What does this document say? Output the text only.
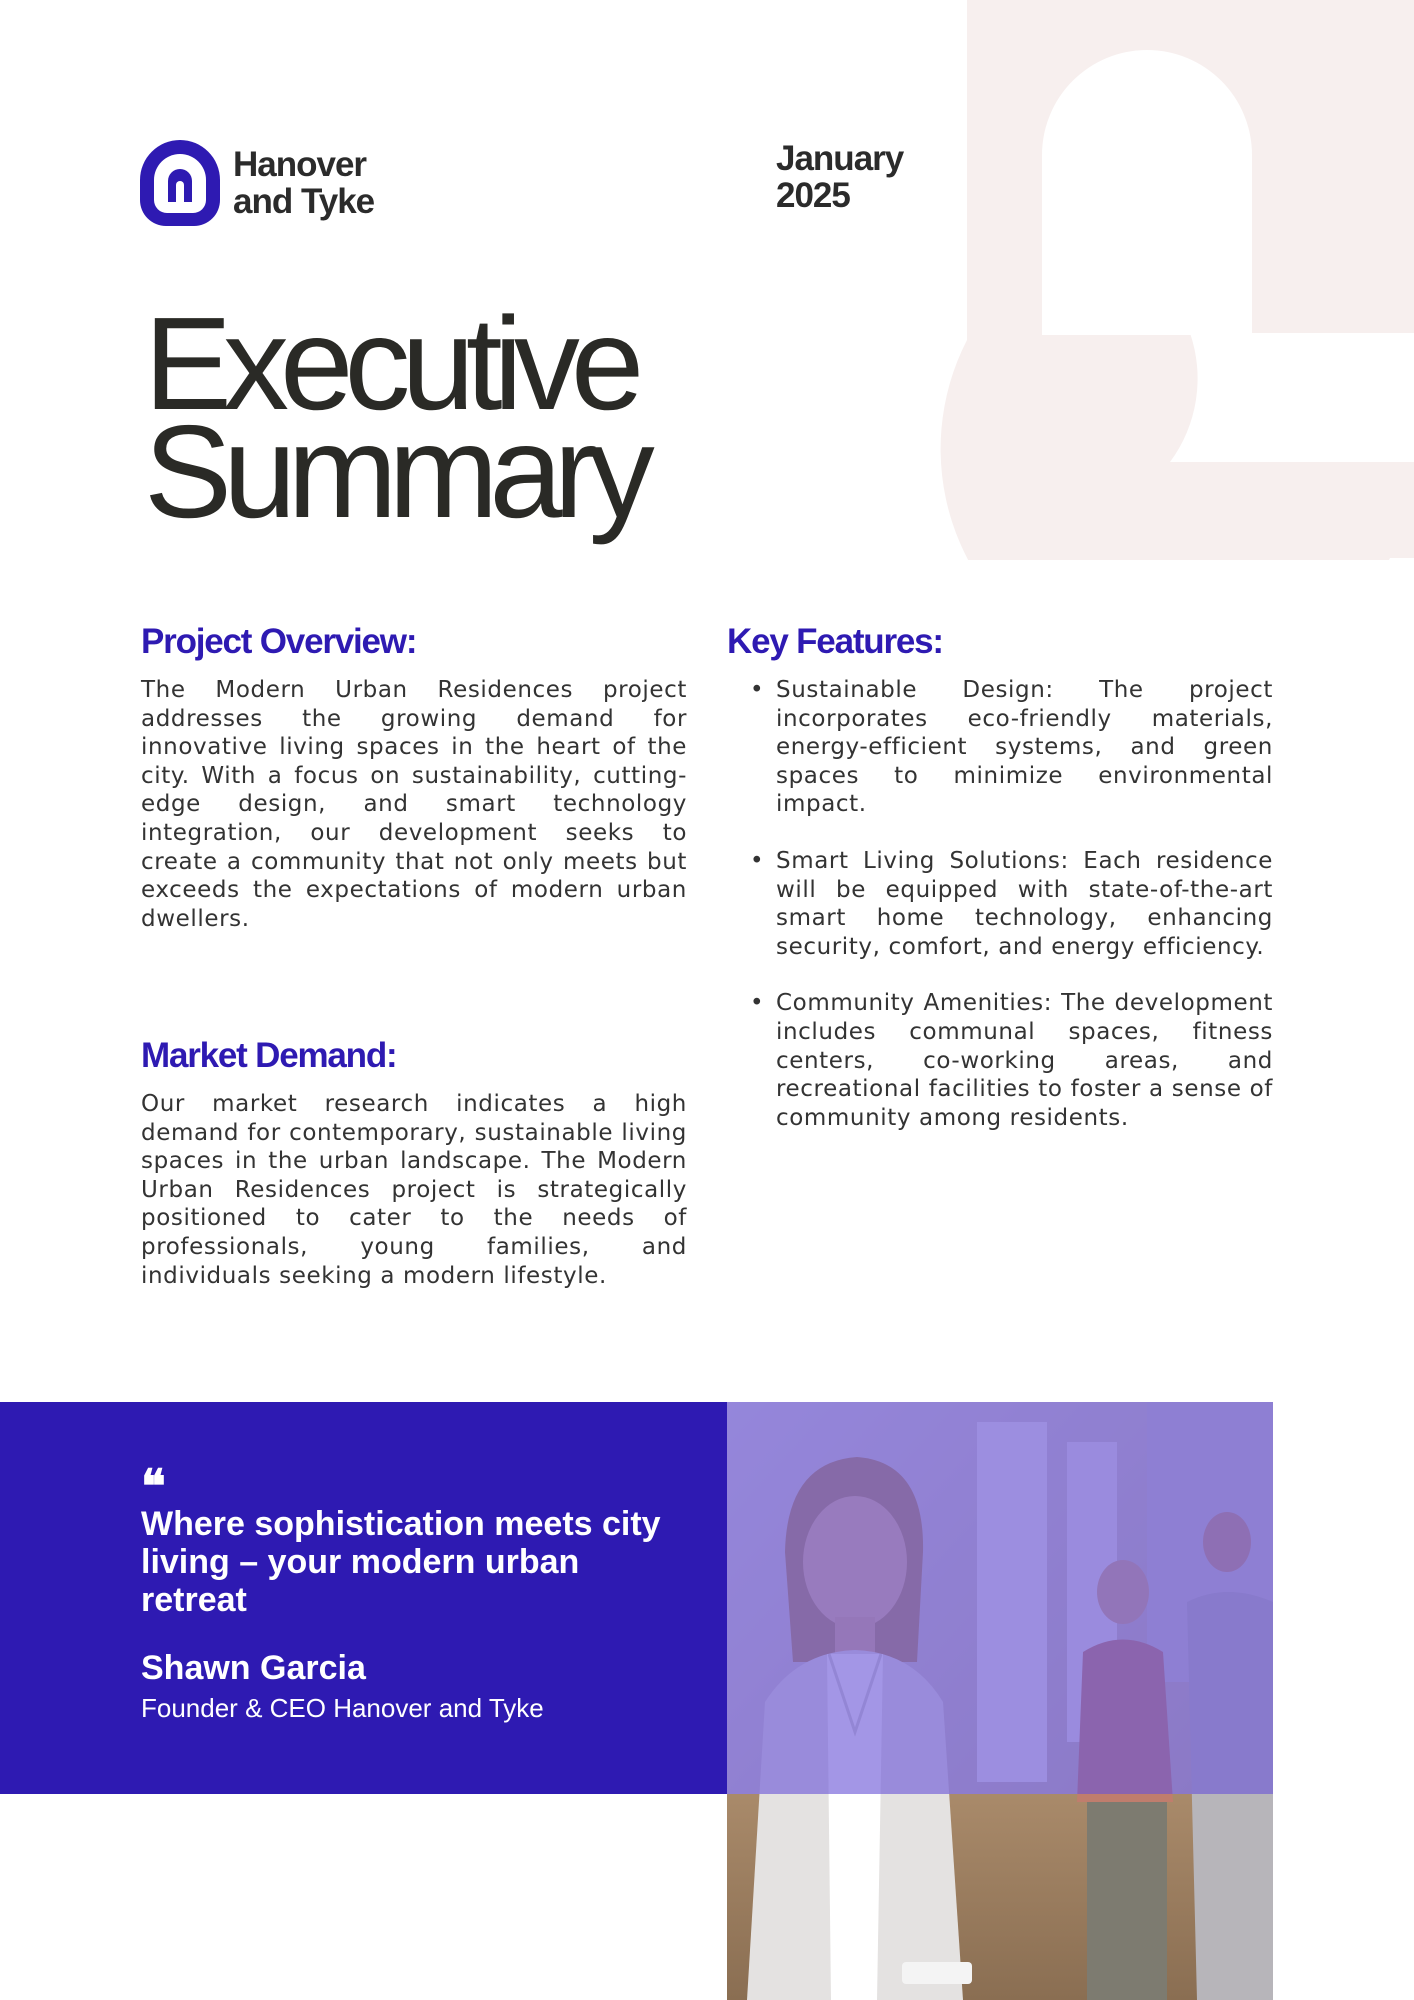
Hanover
and Tyke
January
2025
Executive
Summary
Project Overview:

The Modern Urban Residences project addresses the growing demand for innovative living spaces in the heart of the city. With a focus on sustainability, cutting-edge design, and smart technology integration, our development seeks to create a community that not only meets but exceeds the expectations of modern urban dwellers.

Market Demand:

Our market research indicates a high demand for contemporary, sustainable living spaces in the urban landscape. The Modern Urban Residences project is strategically positioned to cater to the needs of professionals, young families, and individuals seeking a modern lifestyle.

Key Features:
• Sustainable Design: The project incorporates eco-friendly materials, energy-efficient systems, and green spaces to minimize environmental impact.
• Smart Living Solutions: Each residence will be equipped with state-of-the-art smart home technology, enhancing security, comfort, and energy efficiency.
• Community Amenities: The development includes communal spaces, fitness centers, co-working areas, and recreational facilities to foster a sense of community among residents.
❝

Where sophistication meets city living – your modern urban retreat

Shawn Garcia

Founder & CEO Hanover and Tyke
